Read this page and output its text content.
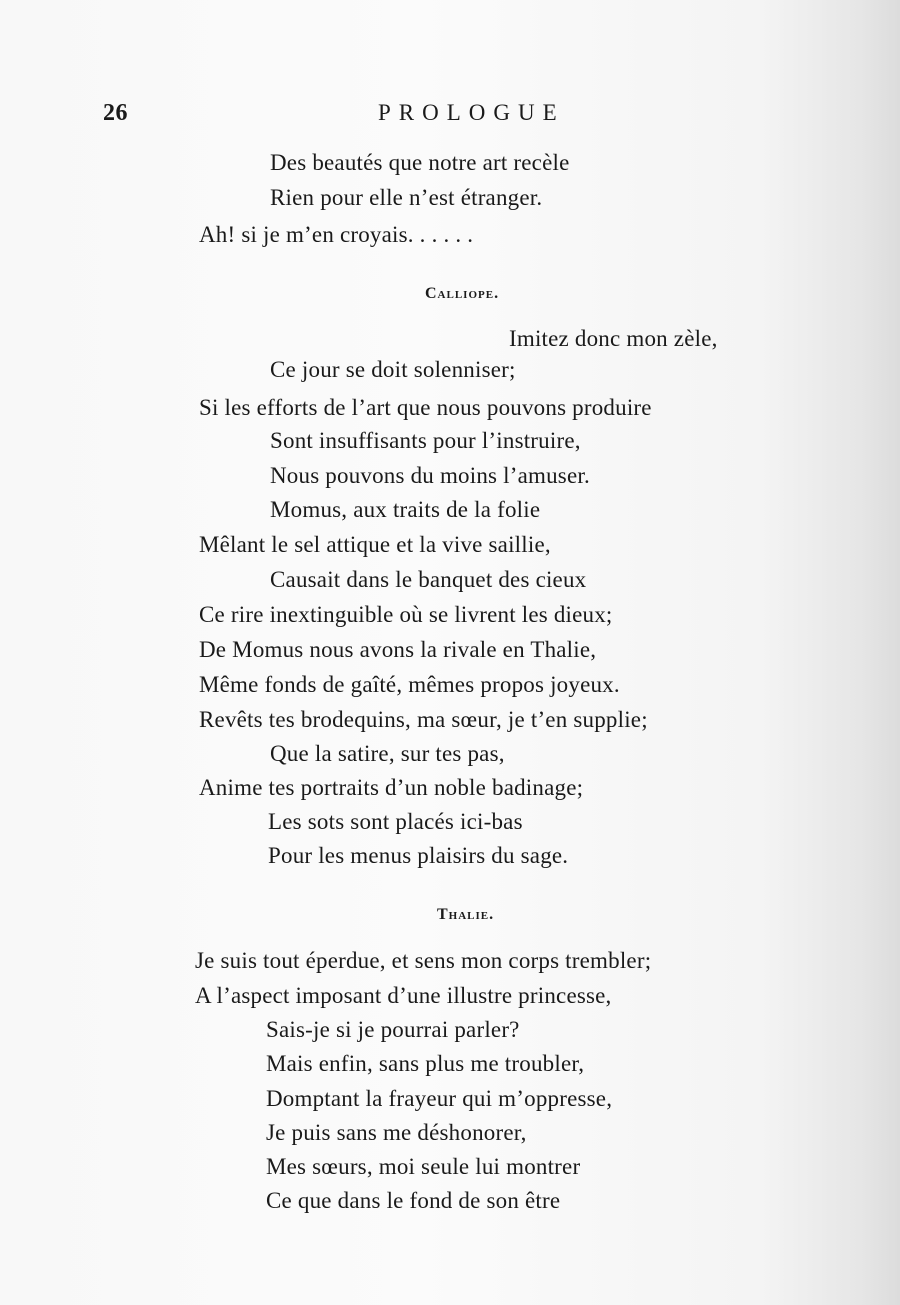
26	PROLOGUE
Des beautés que notre art recèle
Rien pour elle n’est étranger.
Ah! si je m’en croyais. . . . . .
Calliope.
Imitez donc mon zèle,
Ce jour se doit solenniser;
Si les efforts de l’art que nous pouvons produire
Sont insuffisants pour l’instruire,
Nous pouvons du moins l’amuser.
Momus, aux traits de la folie
Mêlant le sel attique et la vive saillie,
Causait dans le banquet des cieux
Ce rire inextinguible où se livrent les dieux;
De Momus nous avons la rivale en Thalie,
Même fonds de gaîté, mêmes propos joyeux.
Revêts tes brodequins, ma sœur, je t’en supplie;
Que la satire, sur tes pas,
Anime tes portraits d’un noble badinage;
Les sots sont placés ici-bas
Pour les menus plaisirs du sage.
Thalie.
Je suis tout éperdue, et sens mon corps trembler;
A l’aspect imposant d’une illustre princesse,
Sais-je si je pourrai parler?
Mais enfin, sans plus me troubler,
Domptant la frayeur qui m’oppresse,
Je puis sans me déshonorer,
Mes sœurs, moi seule lui montrer
Ce que dans le fond de son être
